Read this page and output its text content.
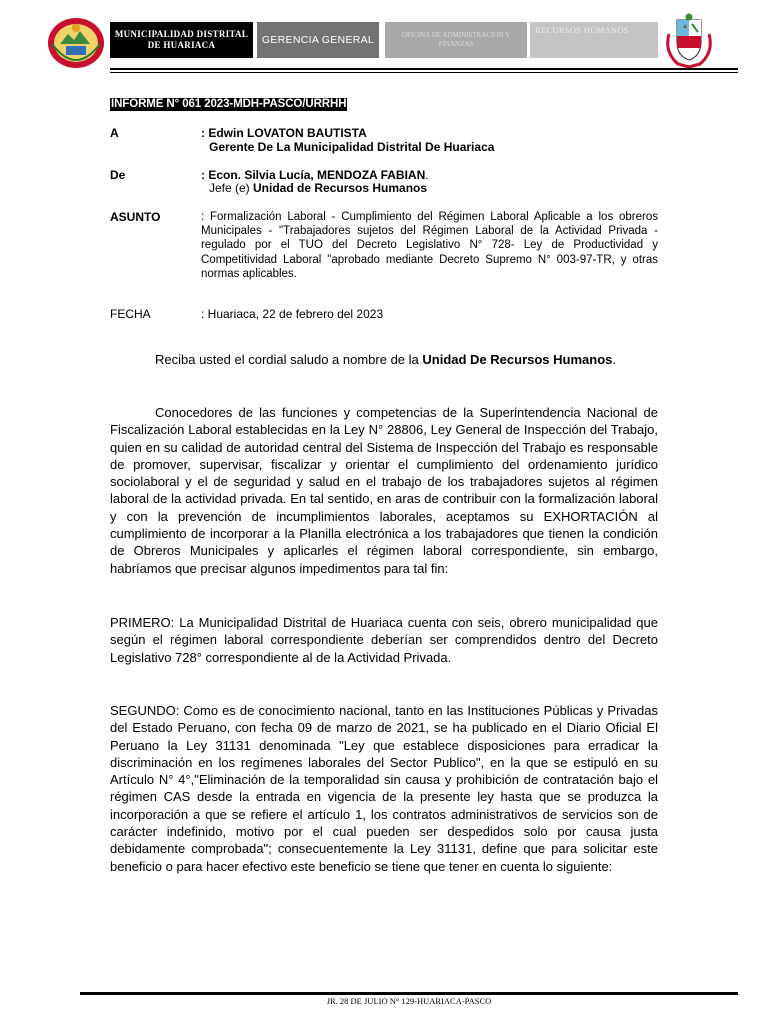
MUNICIPALIDAD DISTRITAL DE HUARIACA	GERENCIA GENERAL	OFICINA DE ADMINISTRACION Y FINANZAS
RECURSOS HUMANOS
INFORME N° 061 2023-MDH-PASCO/URRHH
A	: Edwin LOVATON BAUTISTA
Gerente De La Municipalidad Distrital De Huariaca
De	: Econ. Silvia Lucía, MENDOZA FABIAN.
Jefe (e) Unidad de Recursos Humanos
ASUNTO	: Formalización Laboral - Cumplimiento del Régimen Laboral Aplicable a los obreros Municipales - "Trabajadores sujetos del Régimen Laboral de la Actividad Privada -regulado por el TUO del Decreto Legislativo N° 728- Ley de Productividad y Competitividad Laboral "aprobado mediante Decreto Supremo N° 003-97-TR, y otras normas aplicables.
FECHA	: Huariaca, 22 de febrero del 2023
Reciba usted el cordial saludo a nombre de la Unidad De Recursos Humanos.
Conocedores de las funciones y competencias de la Superintendencia Nacional de Fiscalización Laboral establecidas en la Ley N° 28806, Ley General de Inspección del Trabajo, quien en su calidad de autoridad central del Sistema de Inspección del Trabajo es responsable de promover, supervisar, fiscalizar y orientar el cumplimiento del ordenamiento jurídico sociolaboral y el de seguridad y salud en el trabajo de los trabajadores sujetos al régimen laboral de la actividad privada. En tal sentido, en aras de contribuir con la formalización laboral y con la prevención de incumplimientos laborales, aceptamos su EXHORTACIÓN al cumplimiento de incorporar a la Planilla electrónica a los trabajadores que tienen la condición de Obreros Municipales y aplicarles el régimen laboral correspondiente, sin embargo, habríamos que precisar algunos impedimentos para tal fin:
PRIMERO: La Municipalidad Distrital de Huariaca cuenta con seis, obrero municipalidad que según el régimen laboral correspondiente deberían ser comprendidos dentro del Decreto Legislativo 728° correspondiente al de la Actividad Privada.
SEGUNDO: Como es de conocimiento nacional, tanto en las Instituciones Públicas y Privadas del Estado Peruano, con fecha 09 de marzo de 2021, se ha publicado en el Diario Oficial El Peruano la Ley 31131 denominada "Ley que establece disposiciones para erradicar la discriminación en los regímenes laborales del Sector Publico", en la que se estipuló en su Artículo N° 4°,"Eliminación de la temporalidad sin causa y prohibición de contratación bajo el régimen CAS desde la entrada en vigencia de la presente ley hasta que se produzca la incorporación a que se refiere el artículo 1, los contratos administrativos de servicios son de carácter indefinido, motivo por el cual pueden ser despedidos solo por causa justa debidamente comprobada"; consecuentemente la Ley 31131, define que para solicitar este beneficio o para hacer efectivo este beneficio se tiene que tener en cuenta lo siguiente:
JR. 28 DE JULIO N° 129-HUARIACA-PASCO
